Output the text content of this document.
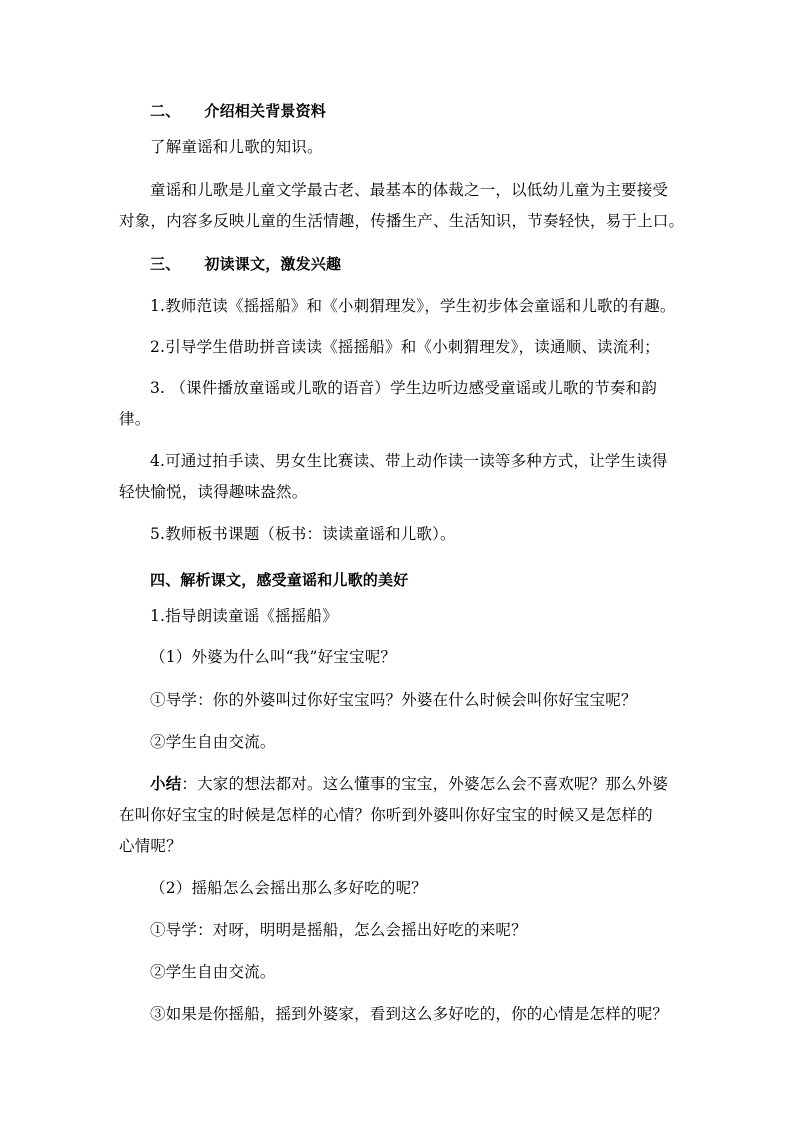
二、 介绍相关背景资料
了解童谣和儿歌的知识。
童谣和儿歌是儿童文学最古老、最基本的体裁之一，以低幼儿童为主要接受
对象，内容多反映儿童的生活情趣，传播生产、生活知识，节奏轻快，易于上口。
三、 初读课文，激发兴趣
1.教师范读《摇摇船》和《小刺猬理发》，学生初步体会童谣和儿歌的有趣。
2.引导学生借助拼音读读《摇摇船》和《小刺猬理发》，读通顺、读流利；
3. （课件播放童谣或儿歌的语音）学生边听边感受童谣或儿歌的节奏和韵
律。
4.可通过拍手读、男女生比赛读、带上动作读一读等多种方式，让学生读得
轻快愉悦，读得趣味盎然。
5.教师板书课题（板书：读读童谣和儿歌）。
四、解析课文，感受童谣和儿歌的美好
1.指导朗读童谣《摇摇船》
（1）外婆为什么叫“我”好宝宝呢？
①导学：你的外婆叫过你好宝宝吗？外婆在什么时候会叫你好宝宝呢？
②学生自由交流。
小结：大家的想法都对。这么懂事的宝宝，外婆怎么会不喜欢呢？那么外婆
在叫你好宝宝的时候是怎样的心情？你听到外婆叫你好宝宝的时候又是怎样的
心情呢？
（2）摇船怎么会摇出那么多好吃的呢？
①导学：对呀，明明是摇船，怎么会摇出好吃的来呢？
②学生自由交流。
③如果是你摇船，摇到外婆家，看到这么多好吃的，你的心情是怎样的呢？
